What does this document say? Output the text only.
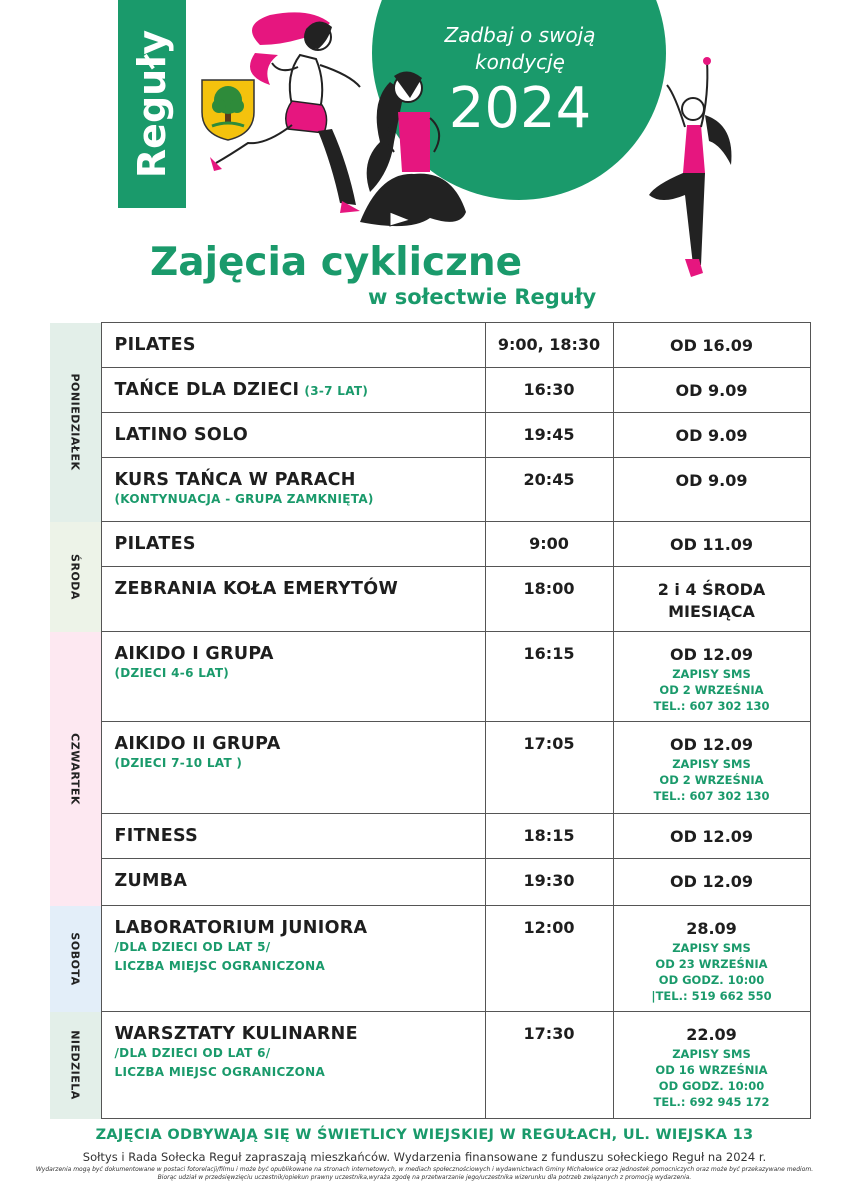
Reguły	Zadbaj o swoją kondycję
2024
Zajęcia cykliczne
w sołectwie Reguły
PONIEDZIAŁEK	PILATES	9:00, 18:30	OD 16.09
	TAŃCE DLA DZIECI (3-7 LAT)	16:30	OD 9.09
	LATINO SOLO	19:45	OD 9.09
	KURS TAŃCA W PARACH
(KONTYNUACJA - GRUPA ZAMKNIĘTA)	20:45	OD 9.09

ŚRODA	PILATES	9:00	OD 11.09
	ZEBRANIA KOŁA EMERYTÓW	18:00	2 i 4 ŚRODA
MIESIĄCA

CZWARTEK	AIKIDO I GRUPA
(DZIECI 4-6 LAT)	16:15	OD 12.09
ZAPISY SMS
OD 2 WRZEŚNIA
TEL.: 607 302 130

	AIKIDO II GRUPA
(DZIECI 7-10 LAT )	17:05	OD 12.09
ZAPISY SMS
OD 2 WRZEŚNIA
TEL.: 607 302 130

	FITNESS	18:15	OD 12.09
	ZUMBA	19:30	OD 12.09

SOBOTA	LABORATORIUM JUNIORA
/DLA DZIECI OD LAT 5/
LICZBA MIEJSC OGRANICZONA	12:00	28.09
ZAPISY SMS
OD 23 WRZEŚNIA
OD GODZ. 10:00
|TEL.: 519 662 550

NIEDZIELA	WARSZTATY KULINARNE
/DLA DZIECI OD LAT 6/
LICZBA MIEJSC OGRANICZONA	17:30	22.09
ZAPISY SMS
OD 16 WRZEŚNIA
OD GODZ. 10:00
TEL.: 692 945 172
ZAJĘCIA ODBYWAJĄ SIĘ W ŚWIETLICY WIEJSKIEJ W REGUŁACH, UL. WIEJSKA 13
Sołtys i Rada Sołecka Reguł zapraszają mieszkańców. Wydarzenia finansowane z funduszu sołeckiego Reguł na 2024 r.
Wydarzenia mogą być dokumentowane w postaci fotorelacji/filmu i może być opublikowane na stronach internetowych, w mediach społecznościowych i wydawnictwach Gminy Michałowice oraz jednostek pomocniczych oraz może być przekazywane mediom.
Biorąc udział w przedsięwzięciu uczestnik/opiekun prawny uczestnika,wyraża zgodę na przetwarzanie jego/uczestnika wizerunku dla potrzeb związanych z promocją wydarzenia.
